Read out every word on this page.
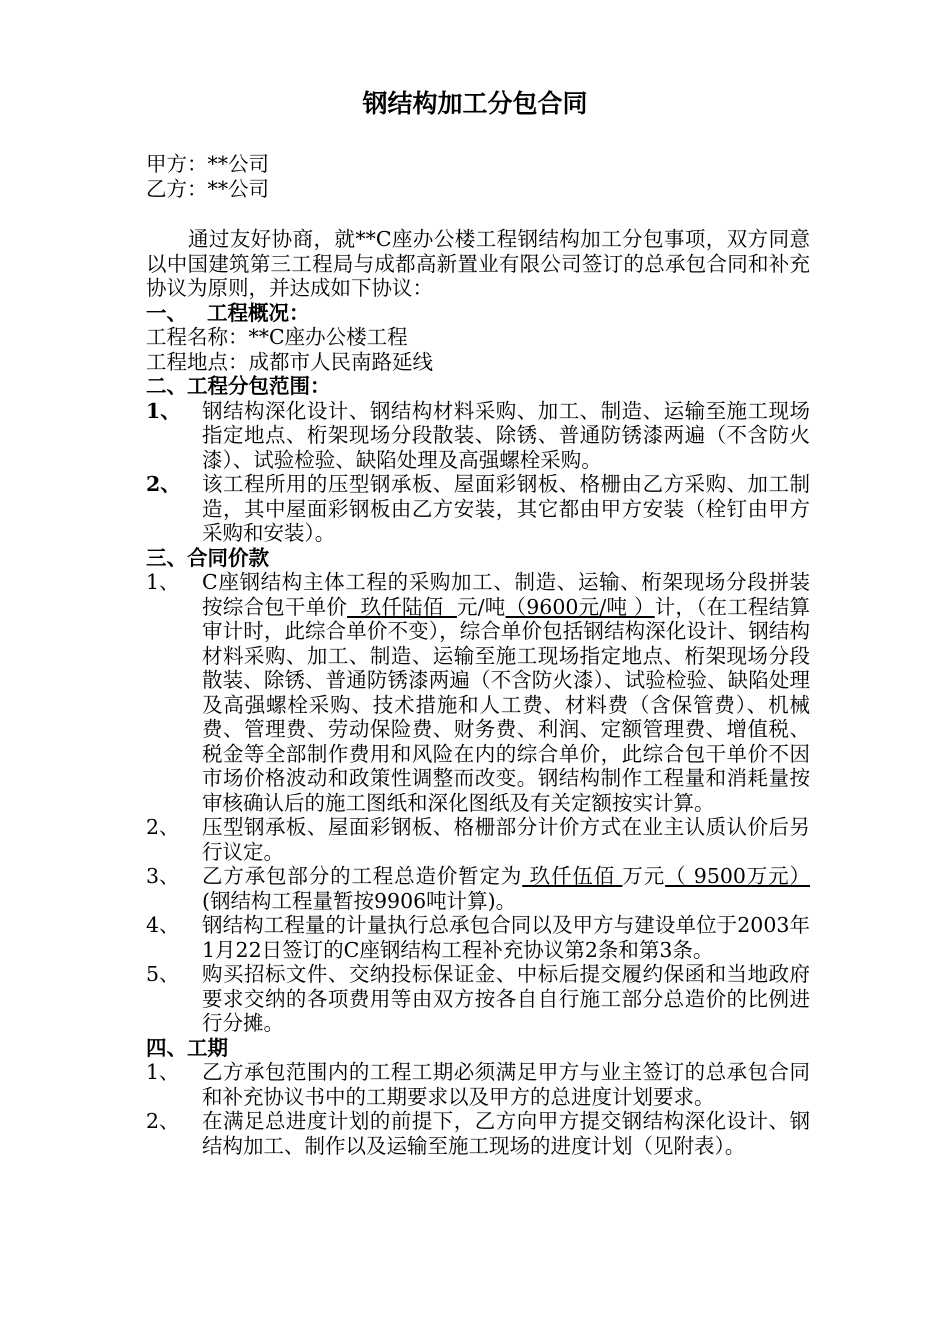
钢结构加工分包合同
甲方：**公司
乙方：**公司
通过友好协商，就**C座办公楼工程钢结构加工分包事项，双方同意以中国建筑第三工程局与成都高新置业有限公司签订的总承包合同和补充协议为原则，并达成如下协议：
一、 工程概况：
工程名称：**C座办公楼工程
工程地点：成都市人民南路延线
二、工程分包范围：
1、	钢结构深化设计、钢结构材料采购、加工、制造、运输至施工现场指定地点、桁架现场分段散装、除锈、普通防锈漆两遍（不含防火漆）、试验检验、缺陷处理及高强螺栓采购。
2、	该工程所用的压型钢承板、屋面彩钢板、格栅由乙方采购、加工制造，其中屋面彩钢板由乙方安装，其它都由甲方安装（栓钉由甲方采购和安装）。
三、合同价款
1、	C座钢结构主体工程的采购加工、制造、运输、桁架现场分段拼装按综合包干单价  玖仟陆佰  元/吨（9600元/吨 ）计，（在工程结算审计时，此综合单价不变），综合单价包括钢结构深化设计、钢结构材料采购、加工、制造、运输至施工现场指定地点、桁架现场分段散装、除锈、普通防锈漆两遍（不含防火漆）、试验检验、缺陷处理及高强螺栓采购、技术措施和人工费、材料费（含保管费）、机械费、管理费、劳动保险费、财务费、利润、定额管理费、增值税、税金等全部制作费用和风险在内的综合单价，此综合包干单价不因市场价格波动和政策性调整而改变。钢结构制作工程量和消耗量按审核确认后的施工图纸和深化图纸及有关定额按实计算。
2、	压型钢承板、屋面彩钢板、格栅部分计价方式在业主认质认价后另行议定。
3、	乙方承包部分的工程总造价暂定为 玖仟伍佰 万元（ 9500万元）(钢结构工程量暂按9906吨计算)。
4、	钢结构工程量的计量执行总承包合同以及甲方与建设单位于2003年1月22日签订的C座钢结构工程补充协议第2条和第3条。
5、	购买招标文件、交纳投标保证金、中标后提交履约保函和当地政府要求交纳的各项费用等由双方按各自自行施工部分总造价的比例进行分摊。
四、工期
1、	乙方承包范围内的工程工期必须满足甲方与业主签订的总承包合同和补充协议书中的工期要求以及甲方的总进度计划要求。
2、	在满足总进度计划的前提下，乙方向甲方提交钢结构深化设计、钢结构加工、制作以及运输至施工现场的进度计划（见附表）。
